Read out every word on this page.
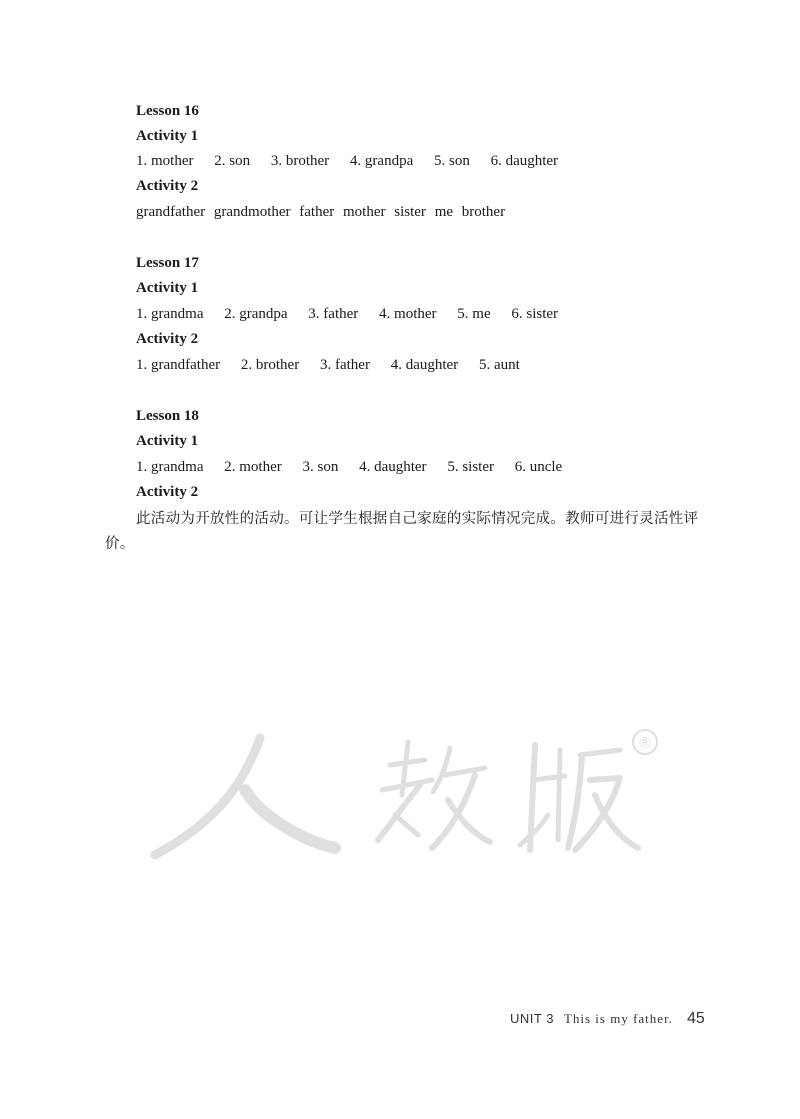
Lesson 16
Activity 1
1. mother 2. son 3. brother 4. grandpa 5. son 6. daughter
Activity 2
grandfather grandmother father mother sister me brother
Lesson 17
Activity 1
1. grandma 2. grandpa 3. father 4. mother 5. me 6. sister
Activity 2
1. grandfather 2. brother 3. father 4. daughter 5. aunt
Lesson 18
Activity 1
1. grandma 2. mother 3. son 4. daughter 5. sister 6. uncle
Activity 2
此活动为开放性的活动。可让学生根据自己家庭的实际情况完成。教师可进行灵活性评价。
®
UNIT 3 This is my father. 45
